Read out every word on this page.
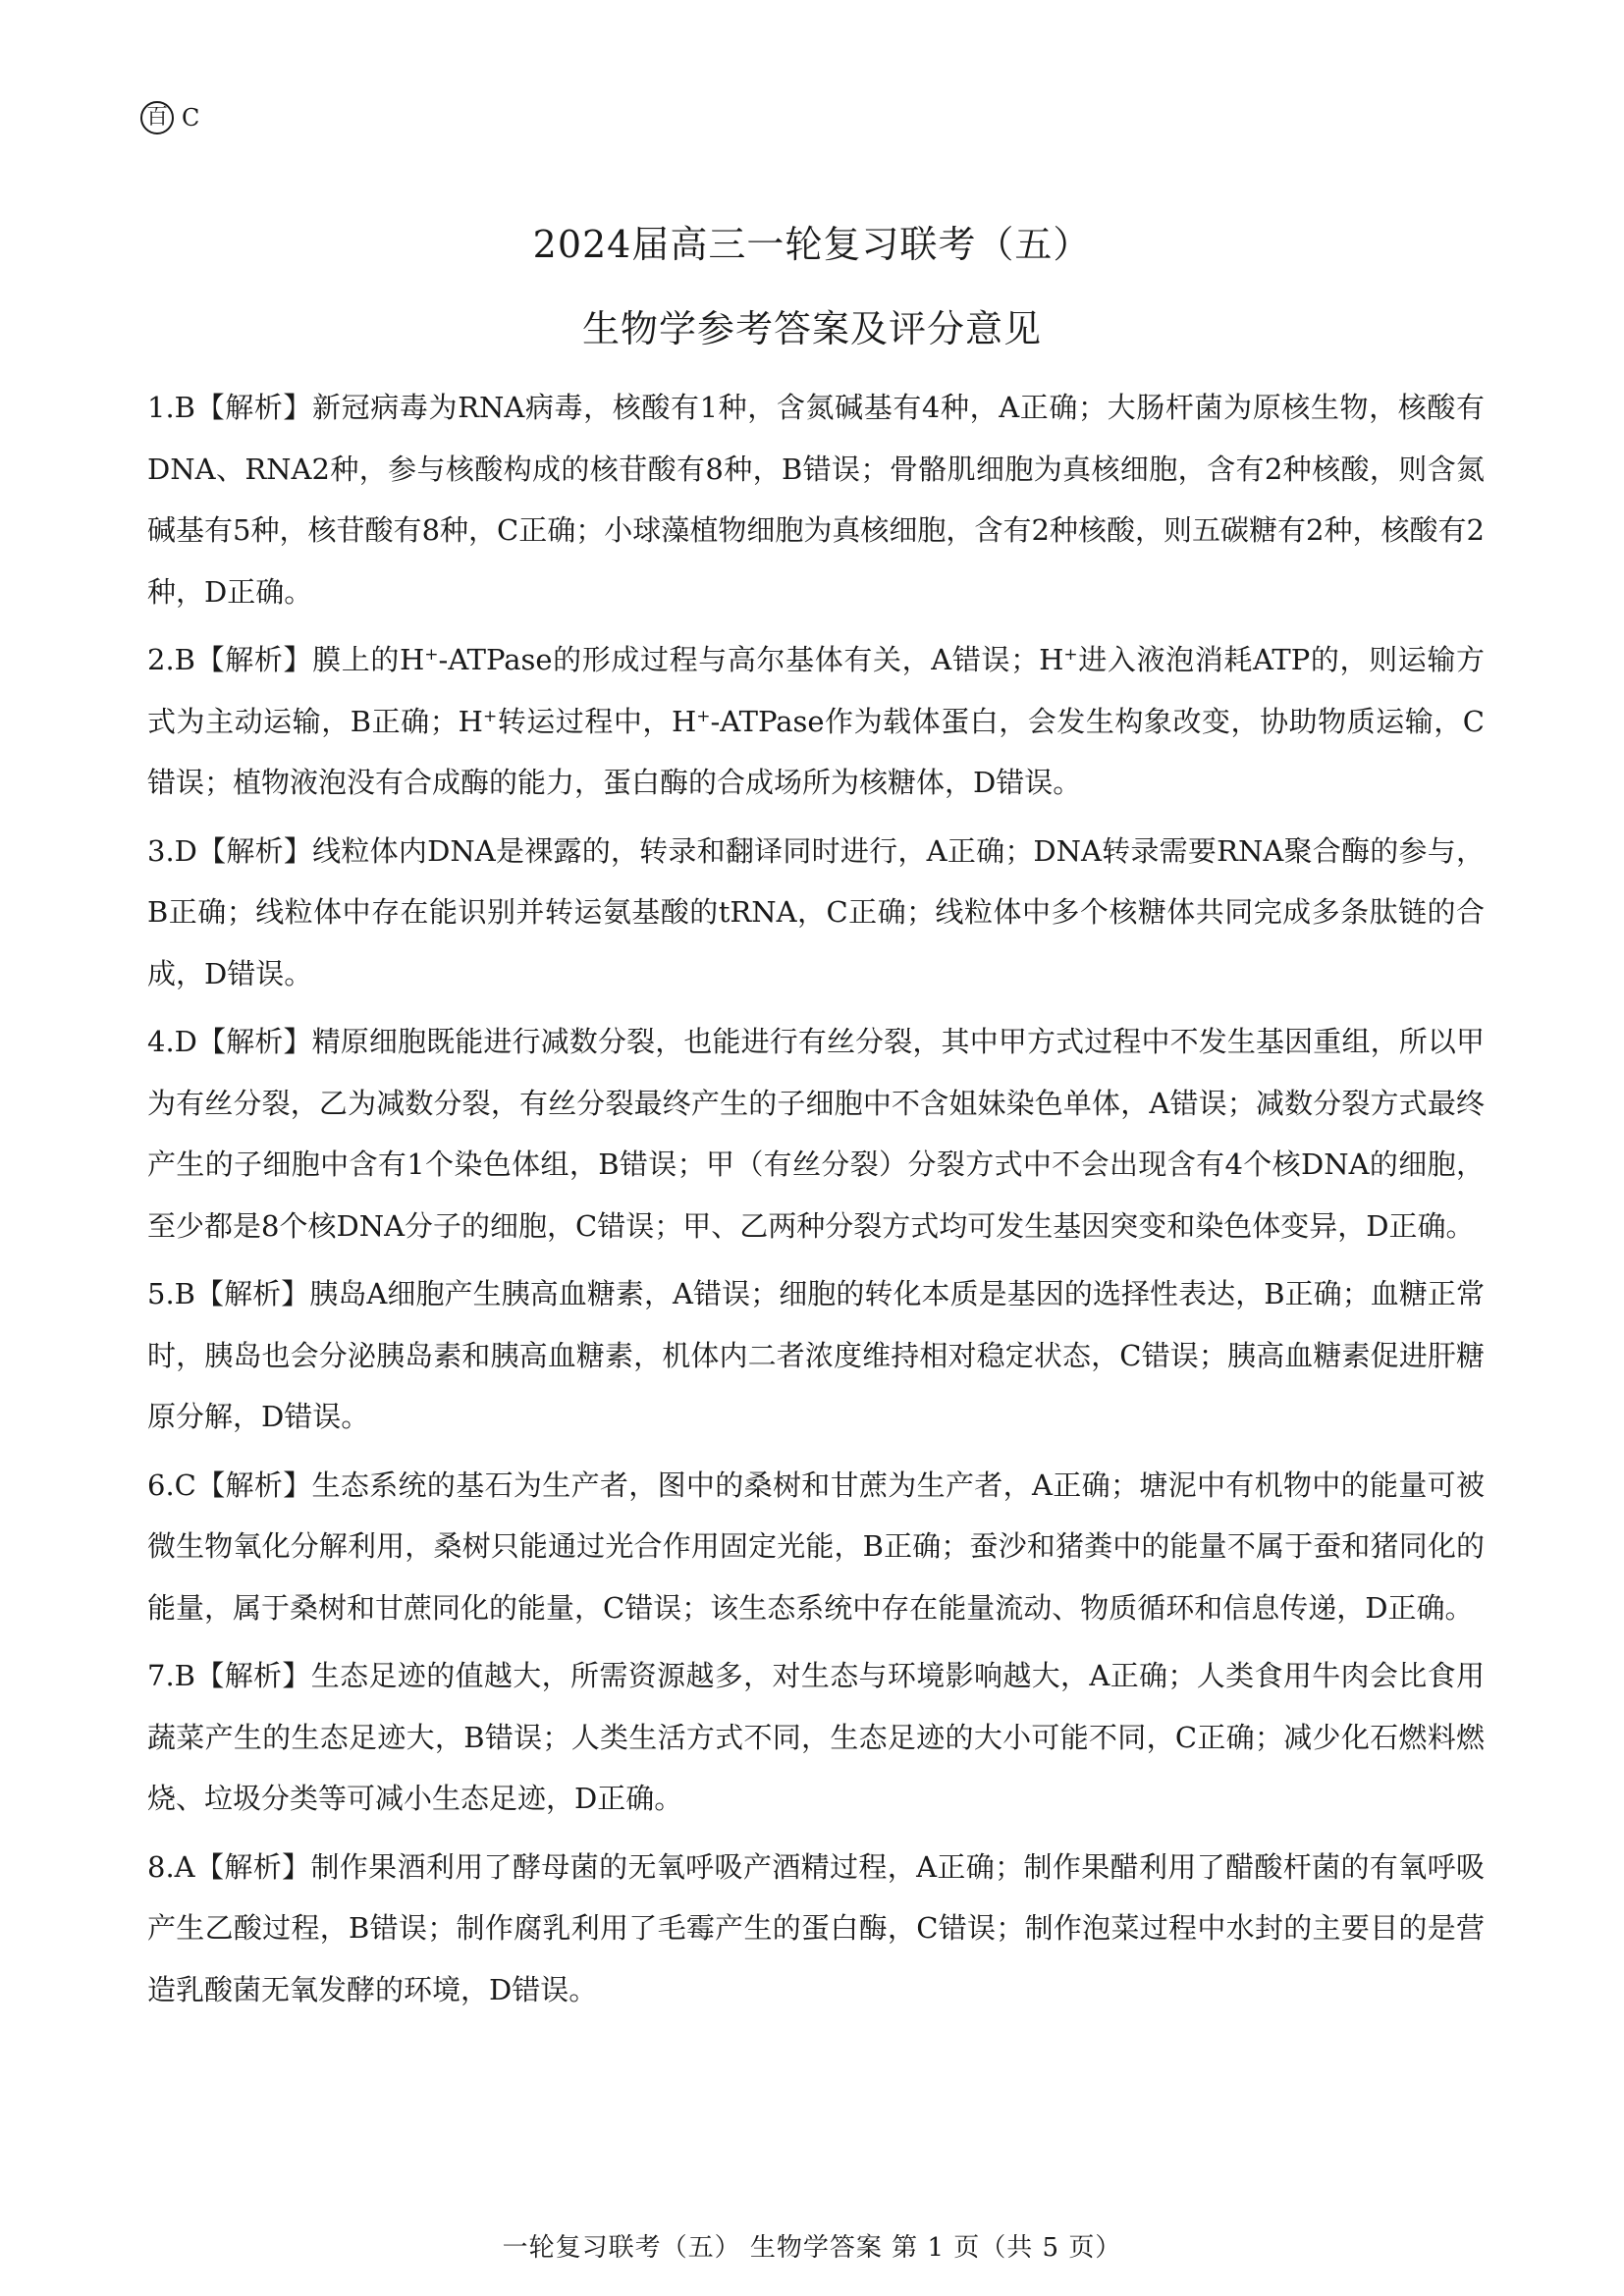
百 C
2024届高三一轮复习联考（五）
生物学参考答案及评分意见

1.B【解析】新冠病毒为RNA病毒，核酸有1种，含氮碱基有4种，A正确；大肠杆菌为原核生物，核酸有DNA、RNA2种，参与核酸构成的核苷酸有8种，B错误；骨骼肌细胞为真核细胞，含有2种核酸，则含氮碱基有5种，核苷酸有8种，C正确；小球藻植物细胞为真核细胞，含有2种核酸，则五碳糖有2种，核酸有2种，D正确。

2.B【解析】膜上的H+-ATPase的形成过程与高尔基体有关，A错误；H+进入液泡消耗ATP的，则运输方式为主动运输，B正确；H+转运过程中，H+-ATPase作为载体蛋白，会发生构象改变，协助物质运输，C错误；植物液泡没有合成酶的能力，蛋白酶的合成场所为核糖体，D错误。

3.D【解析】线粒体内DNA是裸露的，转录和翻译同时进行，A正确；DNA转录需要RNA聚合酶的参与，B正确；线粒体中存在能识别并转运氨基酸的tRNA，C正确；线粒体中多个核糖体共同完成多条肽链的合成，D错误。

4.D【解析】精原细胞既能进行减数分裂，也能进行有丝分裂，其中甲方式过程中不发生基因重组，所以甲为有丝分裂，乙为减数分裂，有丝分裂最终产生的子细胞中不含姐妹染色单体，A错误；减数分裂方式最终产生的子细胞中含有1个染色体组，B错误；甲（有丝分裂）分裂方式中不会出现含有4个核DNA的细胞，至少都是8个核DNA分子的细胞，C错误；甲、乙两种分裂方式均可发生基因突变和染色体变异，D正确。

5.B【解析】胰岛A细胞产生胰高血糖素，A错误；细胞的转化本质是基因的选择性表达，B正确；血糖正常时，胰岛也会分泌胰岛素和胰高血糖素，机体内二者浓度维持相对稳定状态，C错误；胰高血糖素促进肝糖原分解，D错误。

6.C【解析】生态系统的基石为生产者，图中的桑树和甘蔗为生产者，A正确；塘泥中有机物中的能量可被微生物氧化分解利用，桑树只能通过光合作用固定光能，B正确；蚕沙和猪粪中的能量不属于蚕和猪同化的能量，属于桑树和甘蔗同化的能量，C错误；该生态系统中存在能量流动、物质循环和信息传递，D正确。

7.B【解析】生态足迹的值越大，所需资源越多，对生态与环境影响越大，A正确；人类食用牛肉会比食用蔬菜产生的生态足迹大，B错误；人类生活方式不同，生态足迹的大小可能不同，C正确；减少化石燃料燃烧、垃圾分类等可减小生态足迹，D正确。

8.A【解析】制作果酒利用了酵母菌的无氧呼吸产酒精过程，A正确；制作果醋利用了醋酸杆菌的有氧呼吸产生乙酸过程，B错误；制作腐乳利用了毛霉产生的蛋白酶，C错误；制作泡菜过程中水封的主要目的是营造乳酸菌无氧发酵的环境，D错误。

一轮复习联考（五） 生物学答案 第 1 页（共 5 页）
